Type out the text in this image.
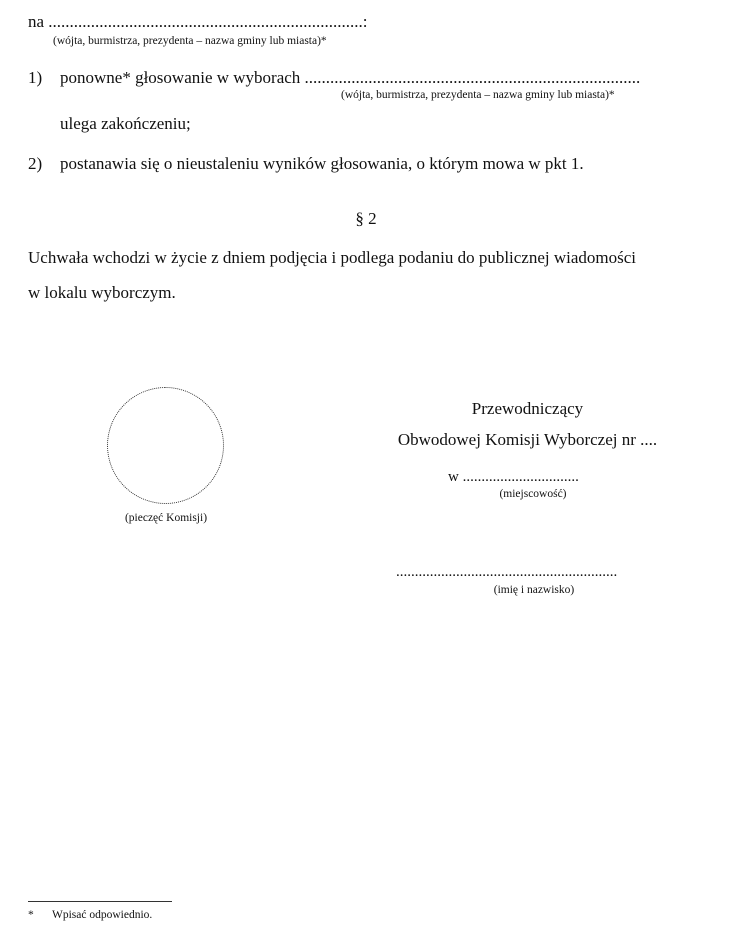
na ..........................................................................:
(wójta, burmistrza, prezydenta – nazwa gminy lub miasta)*
1) ponowne* głosowanie w wyborach ...............................................................................
(wójta, burmistrza, prezydenta – nazwa gminy lub miasta)*
ulega zakończeniu;
2) postanawia się o nieustaleniu wyników głosowania, o którym mowa w pkt 1.
§ 2
Uchwała wchodzi w życie z dniem podjęcia i podlega podaniu do publicznej wiadomości
w lokalu wyborczym.
(pieczęć Komisji)
Przewodniczący
Obwodowej Komisji Wyborczej nr ....
w ...............................
(miejscowość)
...........................................................
(imię i nazwisko)
* Wpisać odpowiednio.
